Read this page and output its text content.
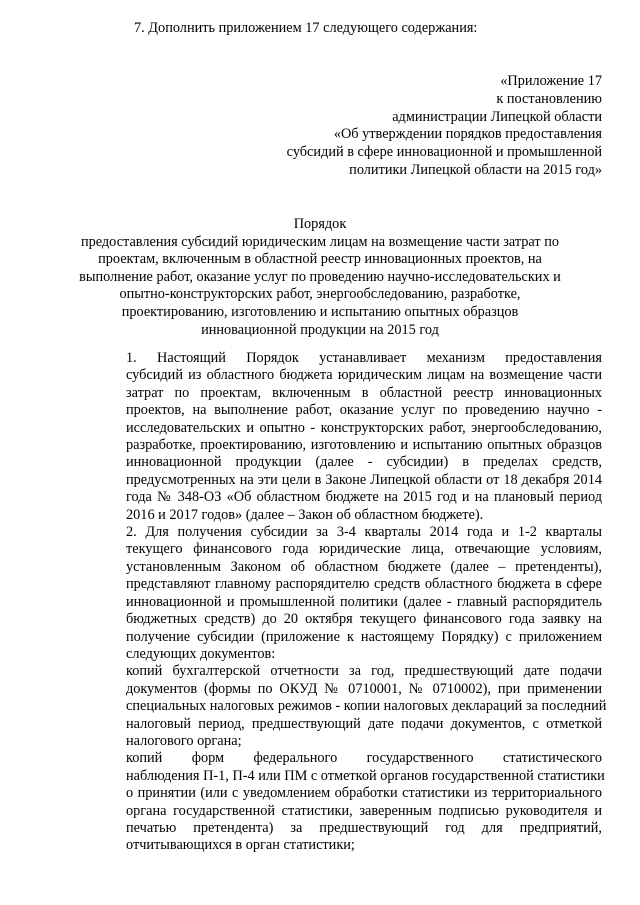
7. Дополнить приложением 17 следующего содержания:
«Приложение 17
к постановлению
администрации Липецкой области
«Об утверждении порядков предоставления
субсидий в сфере инновационной и промышленной
политики Липецкой области на 2015 год»
Порядок
предоставления субсидий юридическим лицам на возмещение части затрат по
проектам, включенным в областной реестр инновационных проектов, на
выполнение работ, оказание услуг по проведению научно-исследовательских и
опытно-конструкторских работ, энергообследованию, разработке,
проектированию, изготовлению и испытанию опытных образцов
инновационной продукции на 2015 год
1. Настоящий Порядок устанавливает механизм предоставления
субсидий из областного бюджета юридическим лицам на возмещение части
затрат по проектам, включенным в областной реестр инновационных
проектов, на выполнение работ, оказание услуг по проведению научно -
исследовательских и опытно - конструкторских работ, энергообследованию,
разработке, проектированию, изготовлению и испытанию опытных образцов
инновационной продукции (далее - субсидии) в пределах средств,
предусмотренных на эти цели в Законе Липецкой области от 18 декабря 2014
года № 348-ОЗ «Об областном бюджете на 2015 год и на плановый период
2016 и 2017 годов» (далее – Закон об областном бюджете).
2. Для получения субсидии за 3-4 кварталы 2014 года и 1-2 кварталы
текущего финансового года юридические лица, отвечающие условиям,
установленным Законом об областном бюджете (далее – претенденты),
представляют главному распорядителю средств областного бюджета в сфере
инновационной и промышленной политики (далее - главный распорядитель
бюджетных средств) до 20 октября текущего финансового года заявку на
получение субсидии (приложение к настоящему Порядку) с приложением
следующих документов:
копий бухгалтерской отчетности за год, предшествующий дате подачи
документов (формы по ОКУД № 0710001, № 0710002), при применении
специальных налоговых режимов - копии налоговых деклараций за последний
налоговый период, предшествующий дате подачи документов, с отметкой
налогового органа;
копий форм федерального государственного статистического
наблюдения П-1, П-4 или ПМ с отметкой органов государственной статистики
о принятии (или с уведомлением обработки статистики из территориального
органа государственной статистики, заверенным подписью руководителя и
печатью претендента) за предшествующий год для предприятий,
отчитывающихся в орган статистики;
